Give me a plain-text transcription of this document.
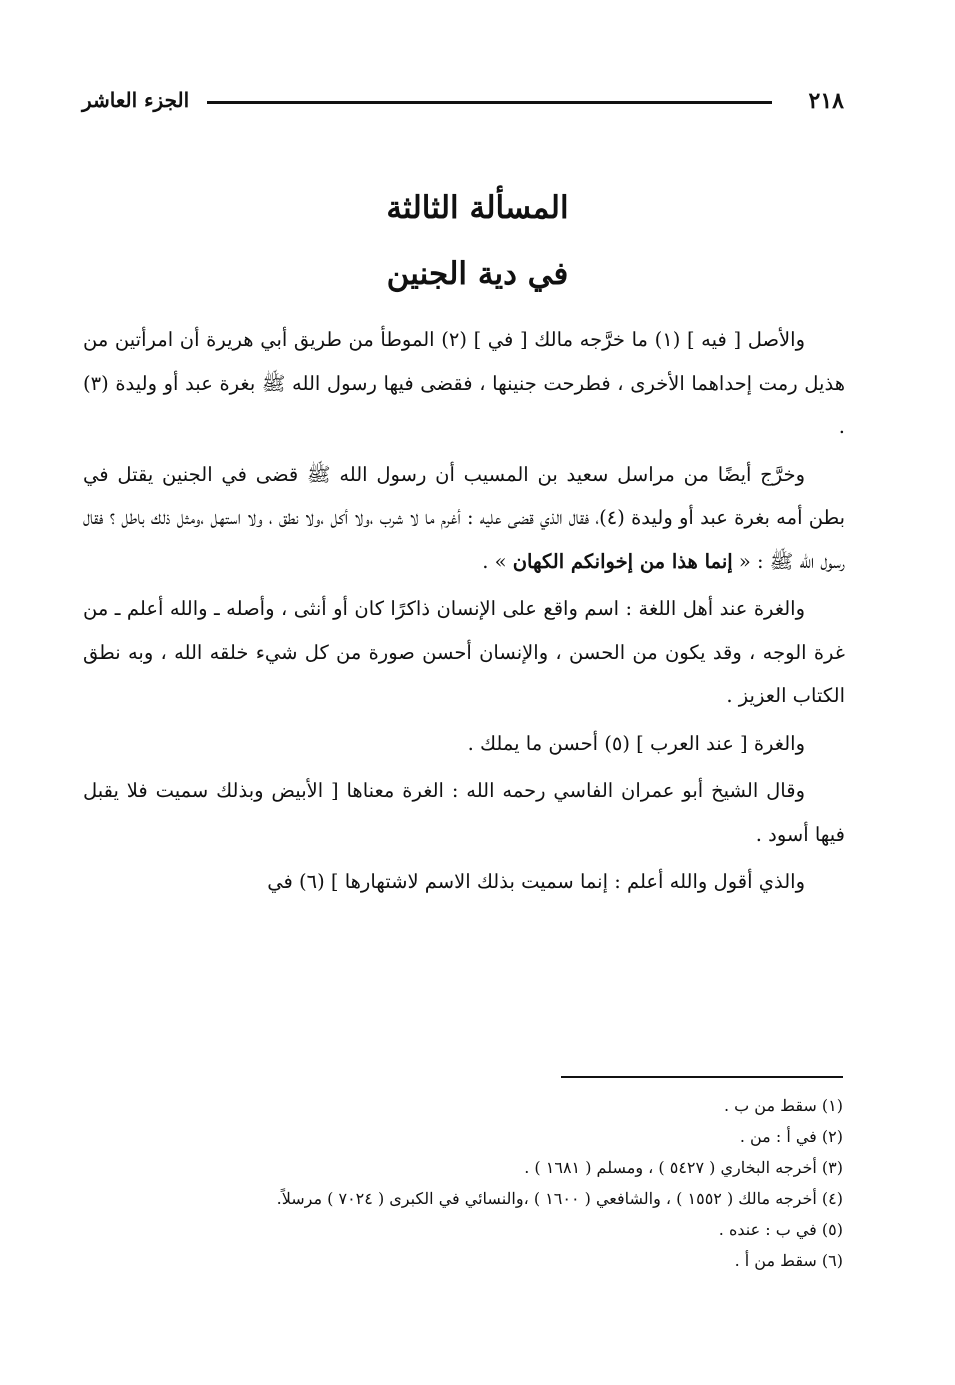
٢١٨
الجزء العاشر
المسألة الثالثة
في دية الجنين

والأصل [ فيه ] (١) ما خرَّجه مالك [ في ] (٢) الموطأ من طريق أبي هريرة أن امرأتين من هذيل رمت إحداهما الأخرى ، فطرحت جنينها ، فقضى فيها رسول الله ﷺ بغرة عبد أو وليدة (٣) .

وخرَّج أيضًا من مراسل سعيد بن المسيب أن رسول الله ﷺ قضى في الجنين يقتل في بطن أمه بغرة عبد أو وليدة (٤)، فقال الذي قضى عليه : أغرم ما لا شرب ،ولا أكل ،ولا نطق ، ولا استهل ،ومثل ذلك باطل ؟ فقال رسول الله ﷺ : « إنما هذا من إخوانكم الكهان » .

والغرة عند أهل اللغة : اسم واقع على الإنسان ذاكرًا كان أو أنثى ، وأصله ـ والله أعلم ـ من غرة الوجه ، وقد يكون من الحسن ، والإنسان أحسن صورة من كل شيء خلقه الله ، وبه نطق الكتاب العزيز .

والغرة [ عند العرب ] (٥) أحسن ما يملك .

وقال الشيخ أبو عمران الفاسي رحمه الله : الغرة معناها [ الأبيض وبذلك سميت فلا يقبل فيها أسود .

والذي أقول والله أعلم : إنما سميت بذلك الاسم لاشتهارها ] (٦) في

(١) سقط من ب .
(٢) في أ : من .
(٣) أخرجه البخاري ( ٥٤٢٧ ) ، ومسلم ( ١٦٨١ ) .
(٤) أخرجه مالك ( ١٥٥٢ ) ، والشافعي ( ١٦٠٠ ) ،والنسائي في الكبرى ( ٧٠٢٤ ) مرسلاً.
(٥) في ب : عنده .
(٦) سقط من أ .
